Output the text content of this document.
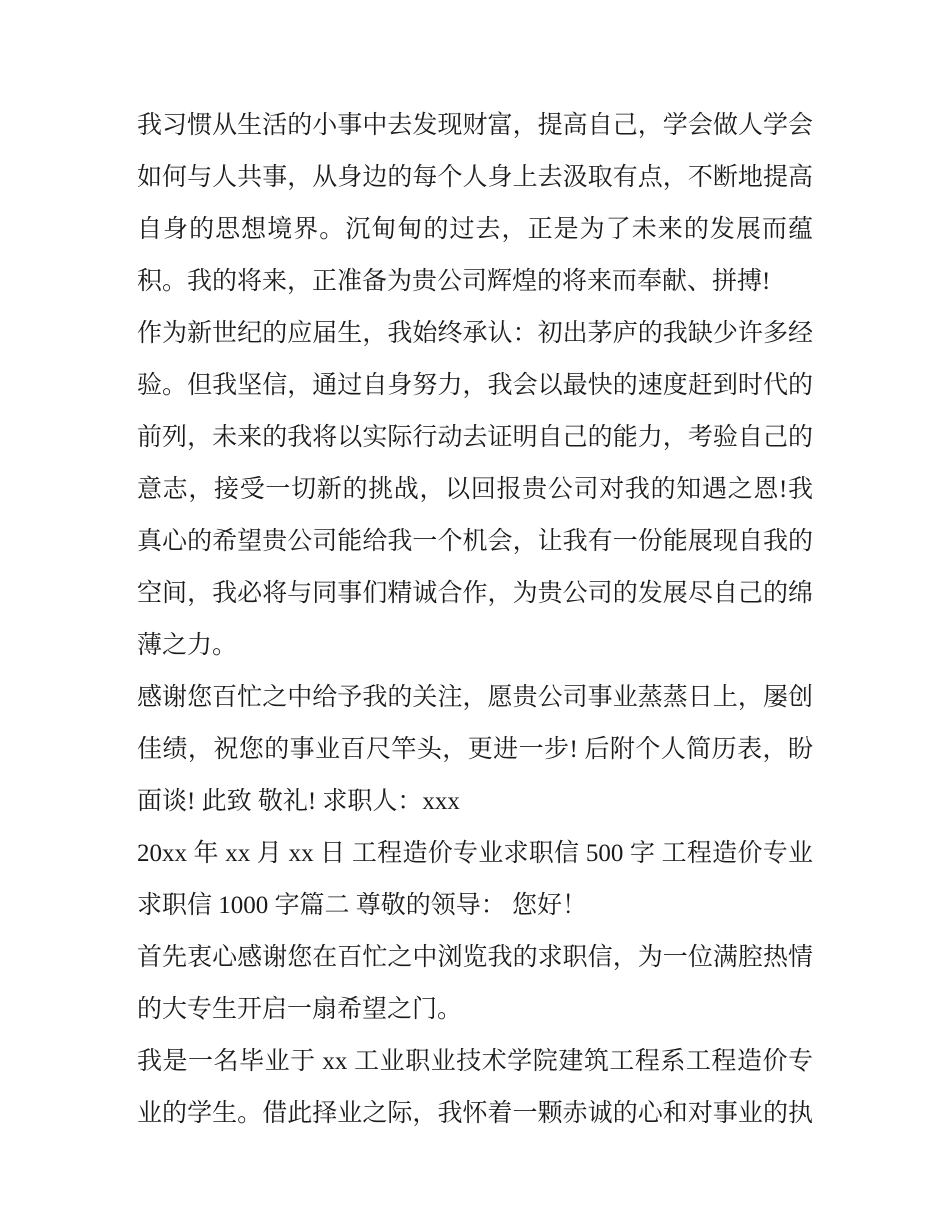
我习惯从生活的小事中去发现财富，提高自己，学会做人学会
如何与人共事，从身边的每个人身上去汲取有点，不断地提高
自身的思想境界。沉甸甸的过去，正是为了未来的发展而蕴
积。我的将来，正准备为贵公司辉煌的将来而奉献、拼搏!
作为新世纪的应届生，我始终承认：初出茅庐的我缺少许多经
验。但我坚信，通过自身努力，我会以最快的速度赶到时代的
前列，未来的我将以实际行动去证明自己的能力，考验自己的
意志，接受一切新的挑战，以回报贵公司对我的知遇之恩!我
真心的希望贵公司能给我一个机会，让我有一份能展现自我的
空间，我必将与同事们精诚合作，为贵公司的发展尽自己的绵
薄之力。
感谢您百忙之中给予我的关注，愿贵公司事业蒸蒸日上，屡创
佳绩，祝您的事业百尺竿头，更进一步! 后附个人简历表，盼
面谈! 此致 敬礼! 求职人：xxx
20xx 年 xx 月 xx 日 工程造价专业求职信 500 字 工程造价专业
求职信 1000 字篇二 尊敬的领导： 您好！
首先衷心感谢您在百忙之中浏览我的求职信，为一位满腔热情
的大专生开启一扇希望之门。
我是一名毕业于 xx 工业职业技术学院建筑工程系工程造价专
业的学生。借此择业之际，我怀着一颗赤诚的心和对事业的执
